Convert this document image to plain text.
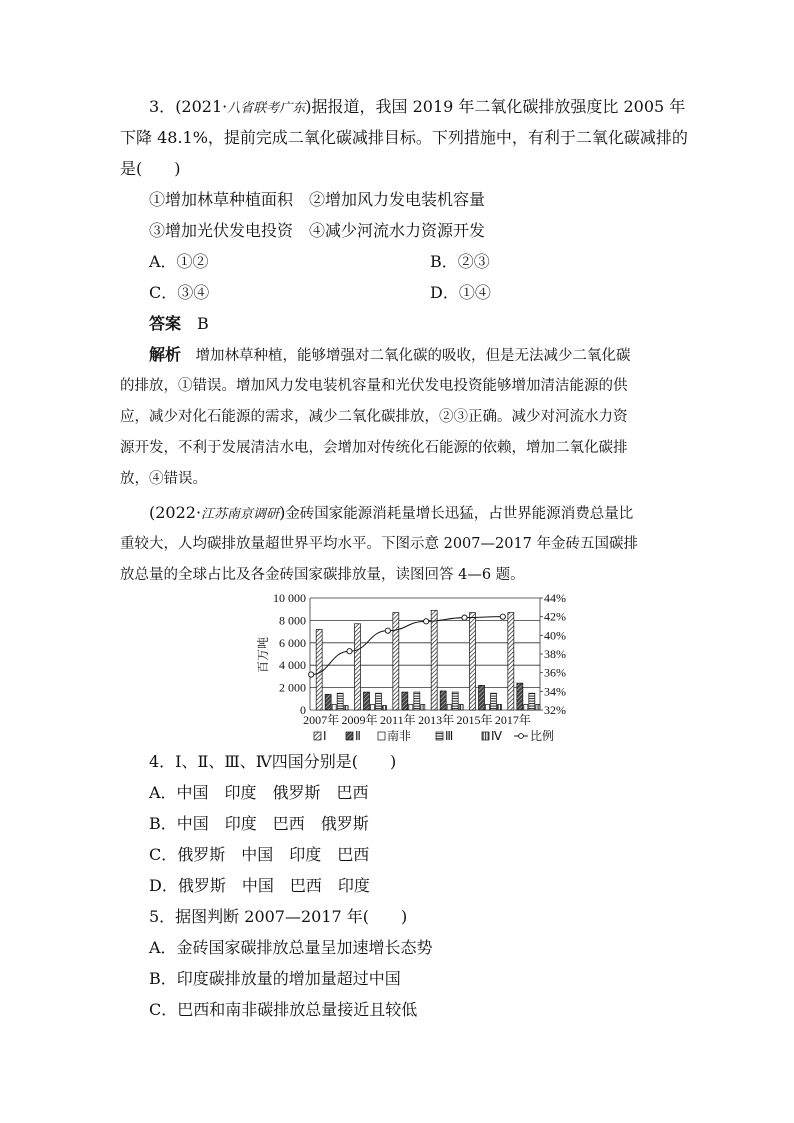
3．(2021·八省联考广东)据报道，我国 2019 年二氧化碳排放强度比 2005 年
下降 48.1%，提前完成二氧化碳减排目标。下列措施中，有利于二氧化碳减排的
是(　　)
①增加林草种植面积　②增加风力发电装机容量
③增加光伏发电投资　④减少河流水力资源开发
A．①②	B．②③
C．③④	D．①④
答案　 B
解析　 增加林草种植，能够增强对二氧化碳的吸收，但是无法减少二氧化碳
的排放，①错误。增加风力发电装机容量和光伏发电投资能够增加清洁能源的供
应，减少对化石能源的需求，减少二氧化碳排放，②③正确。减少对河流水力资
源开发，不利于发展清洁水电，会增加对传统化石能源的依赖，增加二氧化碳排
放，④错误。
(2022·江苏南京调研)金砖国家能源消耗量增长迅猛，占世界能源消费总量比
重较大，人均碳排放量超世界平均水平。下图示意 2007—2017 年金砖五国碳排
放总量的全球占比及各金砖国家碳排放量，读图回答 4—6 题。
0
2 000
4 000
6 000
8 000
10 000
32%
34%
36%
38%
40%
42%
44%
百万吨
2007年 2009年 2011年 2013年 2015年 2017年
Ⅰ Ⅱ 南非	Ⅲ	Ⅳ 比例
4．Ⅰ、Ⅱ、Ⅲ、Ⅳ四国分别是(　　)
A．中国　印度　俄罗斯　巴西
B．中国　印度　巴西　俄罗斯
C．俄罗斯　中国　印度　巴西
D．俄罗斯　中国　巴西　印度
5．据图判断 2007—2017 年(　　)
A．金砖国家碳排放总量呈加速增长态势
B．印度碳排放量的增加量超过中国
C．巴西和南非碳排放总量接近且较低
